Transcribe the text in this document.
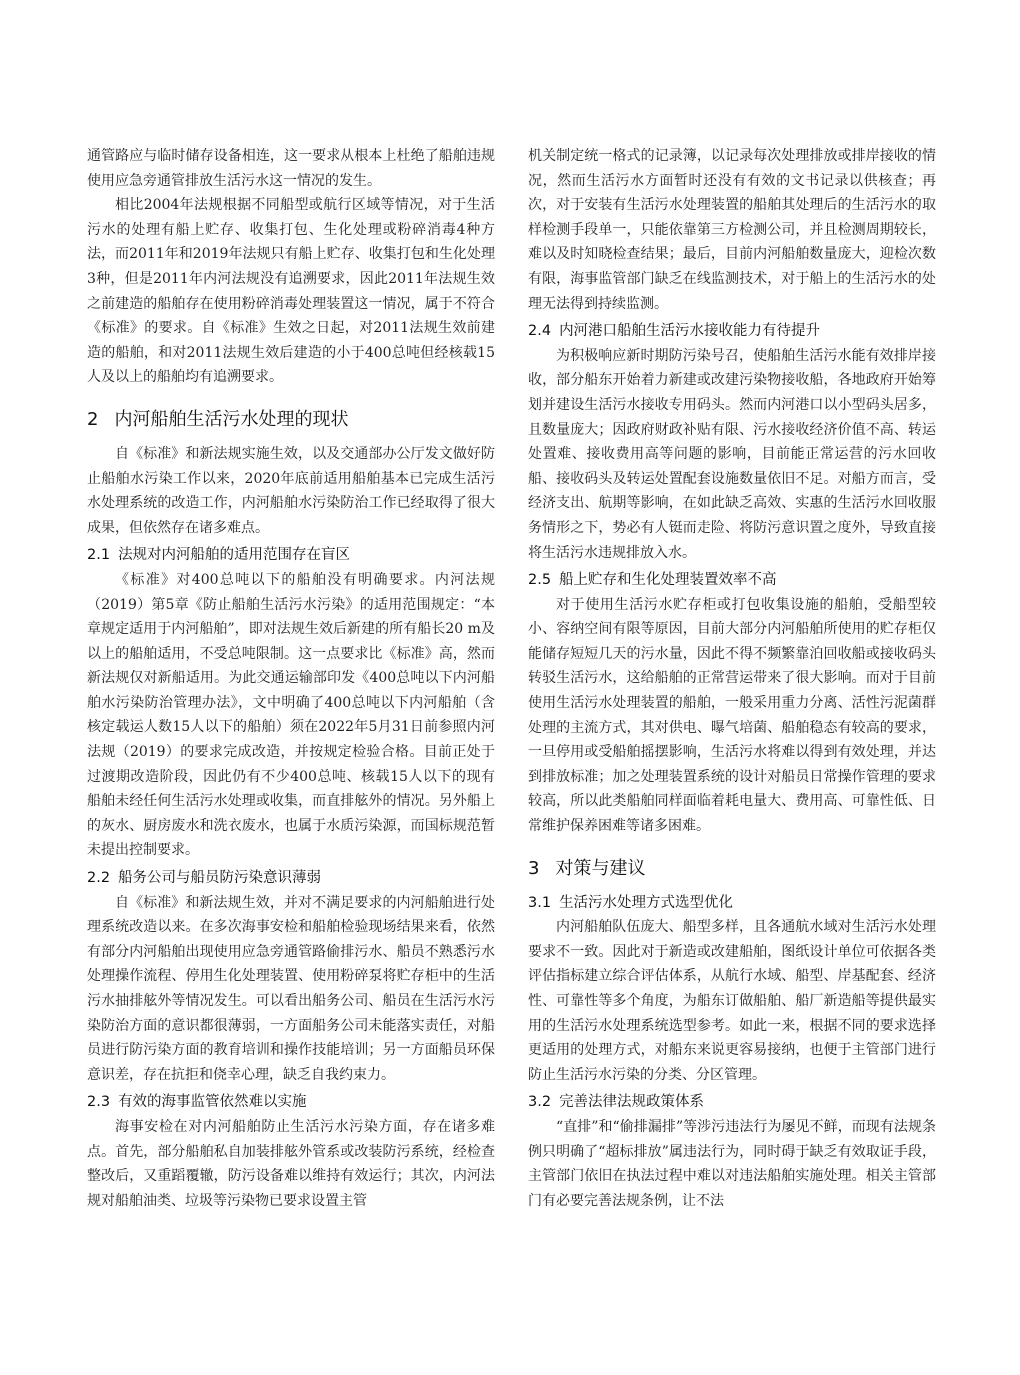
通管路应与临时储存设备相连，这一要求从根本上杜绝了船舶违规使用应急旁通管排放生活污水这一情况的发生。

相比2004年法规根据不同船型或航行区域等情况，对于生活污水的处理有船上贮存、收集打包、生化处理或粉碎消毒4种方法，而2011年和2019年法规只有船上贮存、收集打包和生化处理3种，但是2011年内河法规没有追溯要求，因此2011年法规生效之前建造的船舶存在使用粉碎消毒处理装置这一情况，属于不符合《标准》的要求。自《标准》生效之日起，对2011法规生效前建造的船舶，和对2011法规生效后建造的小于400总吨但经核载15人及以上的船舶均有追溯要求。

2 内河船舶生活污水处理的现状

自《标准》和新法规实施生效，以及交通部办公厅发文做好防止船舶水污染工作以来，2020年底前适用船舶基本已完成生活污水处理系统的改造工作，内河船舶水污染防治工作已经取得了很大成果，但依然存在诸多难点。

2.1 法规对内河船舶的适用范围存在盲区

《标准》对400总吨以下的船舶没有明确要求。内河法规（2019）第5章《防止船舶生活污水污染》的适用范围规定：“本章规定适用于内河船舶”，即对法规生效后新建的所有船长20 m及以上的船舶适用，不受总吨限制。这一点要求比《标准》高，然而新法规仅对新船适用。为此交通运输部印发《400总吨以下内河船舶水污染防治管理办法》，文中明确了400总吨以下内河船舶（含核定载运人数15人以下的船舶）须在2022年5月31日前参照内河法规（2019）的要求完成改造，并按规定检验合格。目前正处于过渡期改造阶段，因此仍有不少400总吨、核载15人以下的现有船舶未经任何生活污水处理或收集，而直排舷外的情况。另外船上的灰水、厨房废水和洗衣废水，也属于水质污染源，而国标规范暂未提出控制要求。

2.2 船务公司与船员防污染意识薄弱

自《标准》和新法规生效，并对不满足要求的内河船舶进行处理系统改造以来。在多次海事安检和船舶检验现场结果来看，依然有部分内河船舶出现使用应急旁通管路偷排污水、船员不熟悉污水处理操作流程、停用生化处理装置、使用粉碎泵将贮存柜中的生活污水抽排舷外等情况发生。可以看出船务公司、船员在生活污水污染防治方面的意识都很薄弱，一方面船务公司未能落实责任，对船员进行防污染方面的教育培训和操作技能培训；另一方面船员环保意识差，存在抗拒和侥幸心理，缺乏自我约束力。

2.3 有效的海事监管依然难以实施

海事安检在对内河船舶防止生活污水污染方面，存在诸多难点。首先，部分船舶私自加装排舷外管系或改装防污系统，经检查整改后，又重蹈覆辙，防污设备难以维持有效运行；其次，内河法规对船舶油类、垃圾等污染物已要求设置主管

机关制定统一格式的记录簿，以记录每次处理排放或排岸接收的情况，然而生活污水方面暂时还没有有效的文书记录以供核查；再次，对于安装有生活污水处理装置的船舶其处理后的生活污水的取样检测手段单一，只能依靠第三方检测公司，并且检测周期较长，难以及时知晓检查结果；最后，目前内河船舶数量庞大，迎检次数有限，海事监管部门缺乏在线监测技术，对于船上的生活污水的处理无法得到持续监测。

2.4 内河港口船舶生活污水接收能力有待提升

为积极响应新时期防污染号召，使船舶生活污水能有效排岸接收，部分船东开始着力新建或改建污染物接收船，各地政府开始筹划并建设生活污水接收专用码头。然而内河港口以小型码头居多，且数量庞大；因政府财政补贴有限、污水接收经济价值不高、转运处置难、接收费用高等问题的影响，目前能正常运营的污水回收船、接收码头及转运处置配套设施数量依旧不足。对船方而言，受经济支出、航期等影响，在如此缺乏高效、实惠的生活污水回收服务情形之下，势必有人铤而走险、将防污意识置之度外，导致直接将生活污水违规排放入水。

2.5 船上贮存和生化处理装置效率不高

对于使用生活污水贮存柜或打包收集设施的船舶，受船型较小、容纳空间有限等原因，目前大部分内河船舶所使用的贮存柜仅能储存短短几天的污水量，因此不得不频繁靠泊回收船或接收码头转驳生活污水，这给船舶的正常营运带来了很大影响。而对于目前使用生活污水处理装置的船舶，一般采用重力分离、活性污泥菌群处理的主流方式，其对供电、曝气培菌、船舶稳态有较高的要求，一旦停用或受船舶摇摆影响，生活污水将难以得到有效处理，并达到排放标准；加之处理装置系统的设计对船员日常操作管理的要求较高，所以此类船舶同样面临着耗电量大、费用高、可靠性低、日常维护保养困难等诸多困难。

3 对策与建议
3.1 生活污水处理方式选型优化

内河船舶队伍庞大、船型多样，且各通航水域对生活污水处理要求不一致。因此对于新造或改建船舶，图纸设计单位可依据各类评估指标建立综合评估体系，从航行水域、船型、岸基配套、经济性、可靠性等多个角度，为船东订做船舶、船厂新造船等提供最实用的生活污水处理系统选型参考。如此一来，根据不同的要求选择更适用的处理方式，对船东来说更容易接纳，也便于主管部门进行防止生活污水污染的分类、分区管理。

3.2 完善法律法规政策体系

“直排”和“偷排漏排”等涉污违法行为屡见不鲜，而现有法规条例只明确了“超标排放”属违法行为，同时碍于缺乏有效取证手段，主管部门依旧在执法过程中难以对违法船舶实施处理。相关主管部门有必要完善法规条例，让不法
